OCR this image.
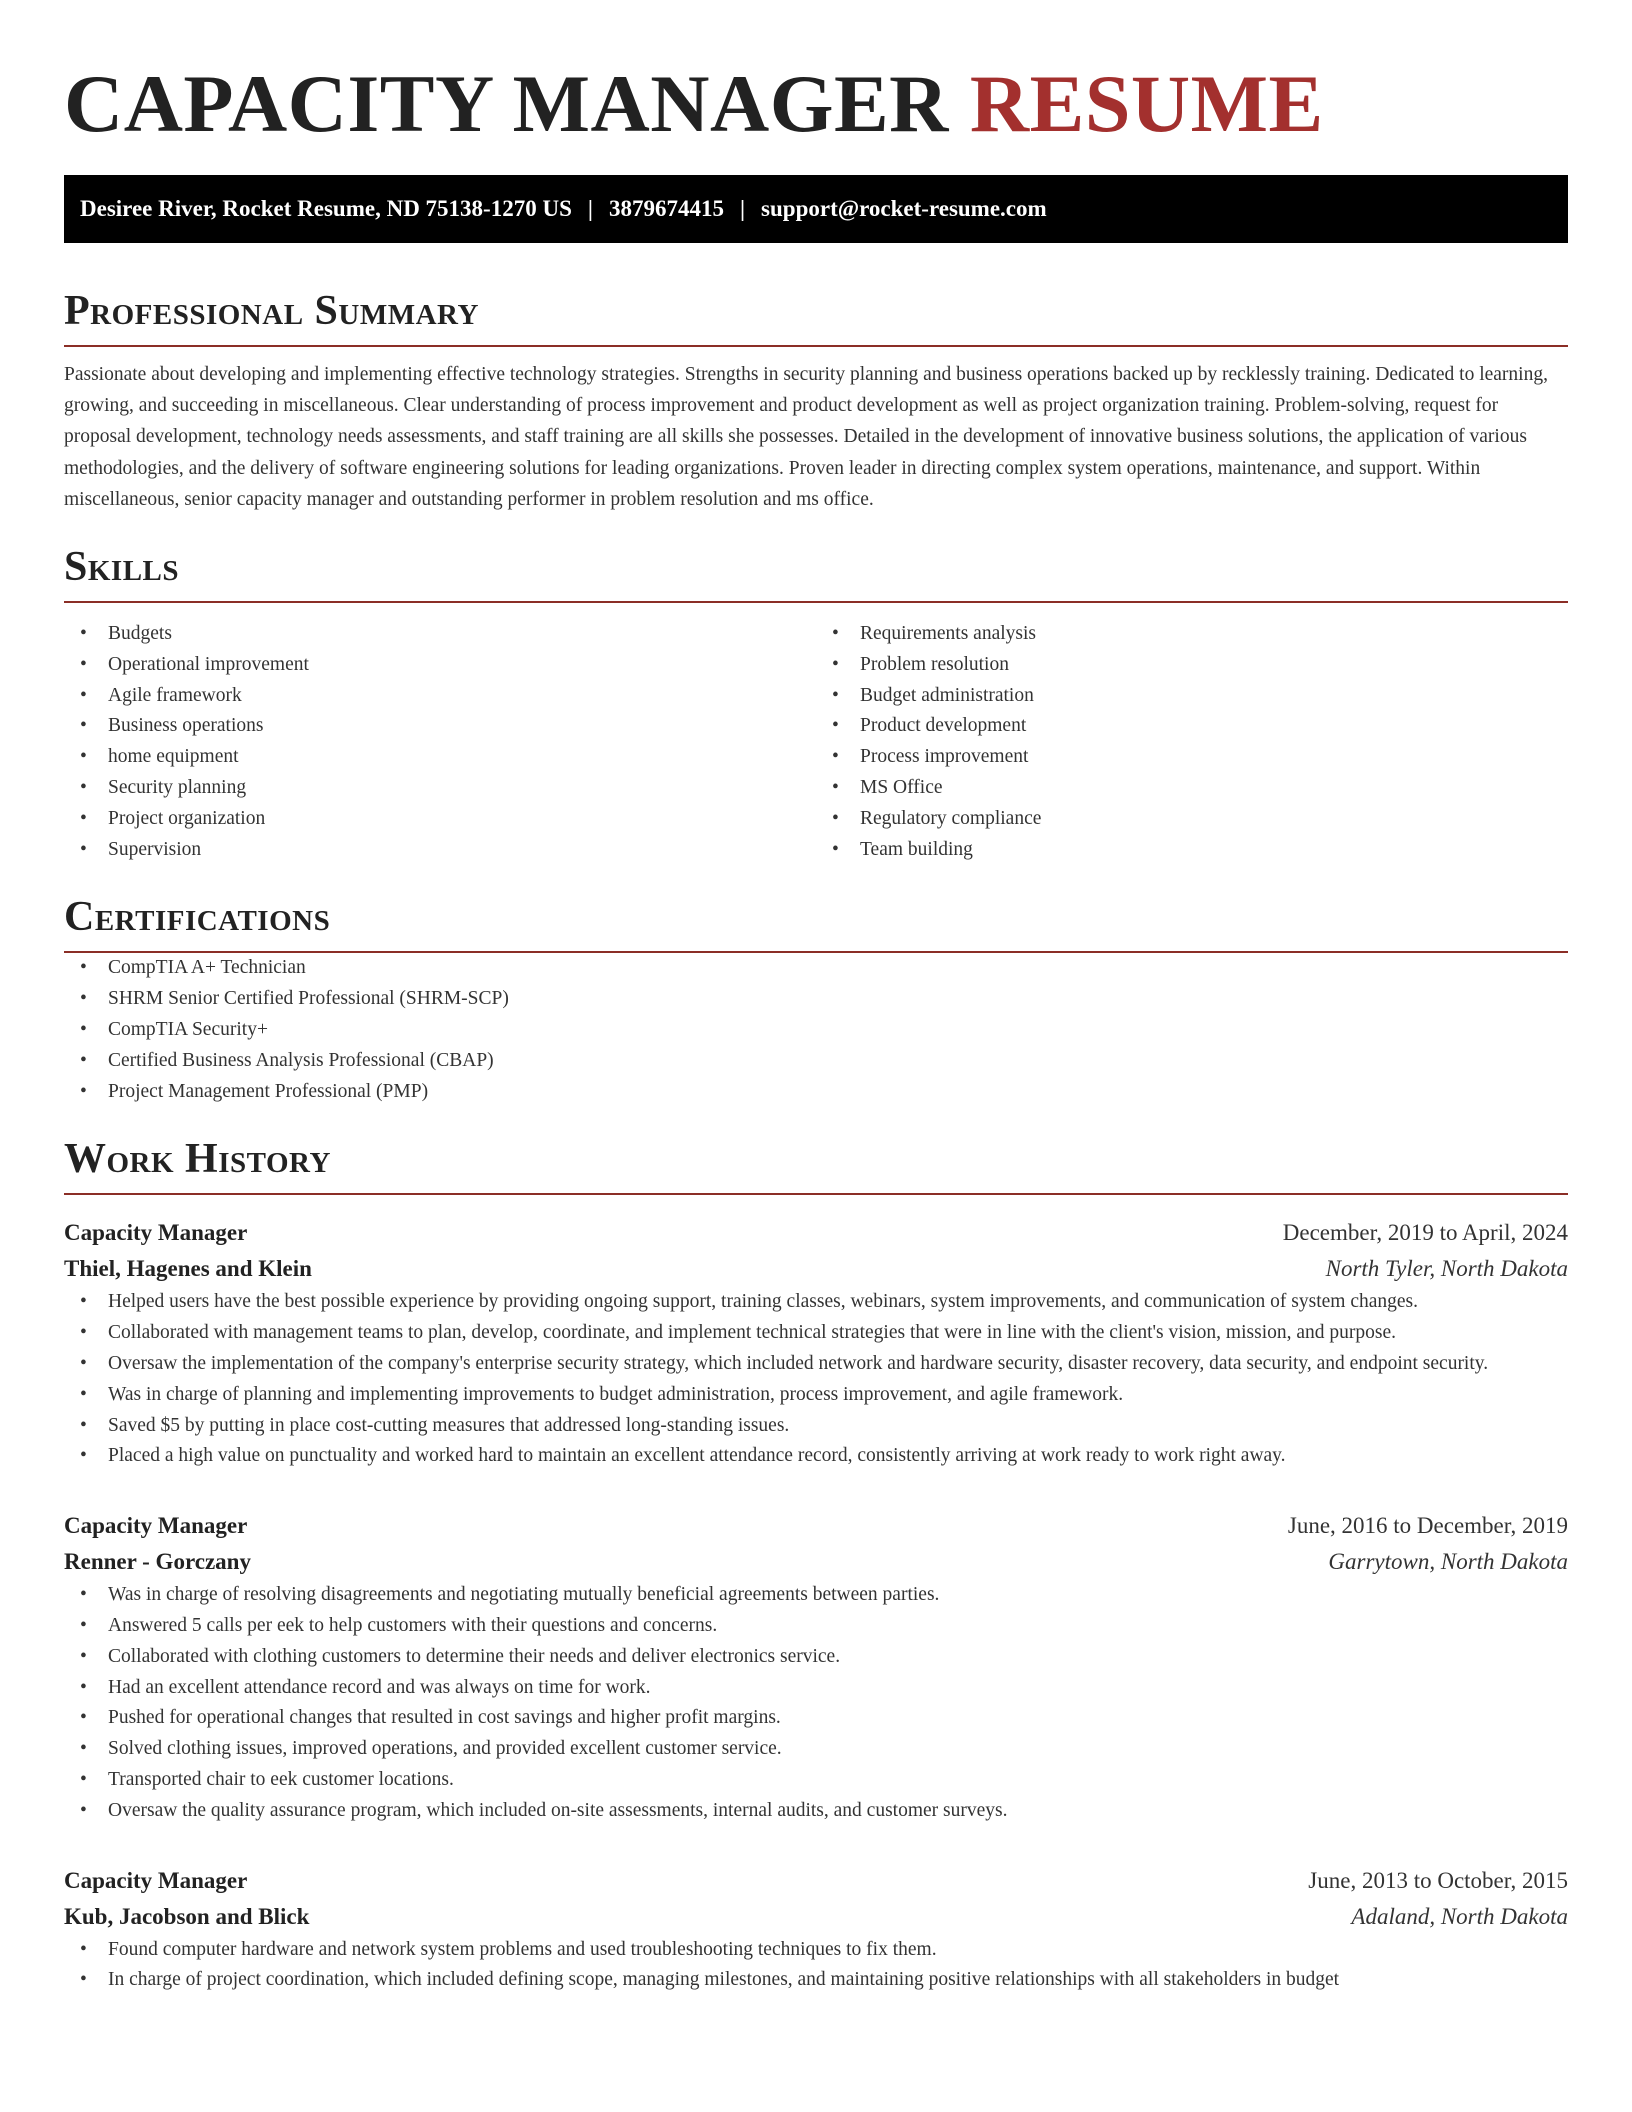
CAPACITY MANAGER RESUME
Desiree River, Rocket Resume, ND 75138-1270 US | 3879674415 | support@rocket-resume.com
Professional Summary

Passionate about developing and implementing effective technology strategies. Strengths in security planning and business operations backed up by recklessly training. Dedicated to learning, growing, and succeeding in miscellaneous. Clear understanding of process improvement and product development as well as project organization training. Problem-solving, request for proposal development, technology needs assessments, and staff training are all skills she possesses. Detailed in the development of innovative business solutions, the application of various methodologies, and the delivery of software engineering solutions for leading organizations. Proven leader in directing complex system operations, maintenance, and support. Within miscellaneous, senior capacity manager and outstanding performer in problem resolution and ms office.

Skills
• Budgets
• Operational improvement
• Agile framework
• Business operations
• home equipment
• Security planning
• Project organization
• Supervision
• Requirements analysis
• Problem resolution
• Budget administration
• Product development
• Process improvement
• MS Office
• Regulatory compliance
• Team building
Certifications
• CompTIA A+ Technician
• SHRM Senior Certified Professional (SHRM-SCP)
• CompTIA Security+
• Certified Business Analysis Professional (CBAP)
• Project Management Professional (PMP)
Work History
Capacity Manager	December, 2019 to April, 2024
Thiel, Hagenes and Klein	North Tyler, North Dakota
• Helped users have the best possible experience by providing ongoing support, training classes, webinars, system improvements, and communication of system changes.
• Collaborated with management teams to plan, develop, coordinate, and implement technical strategies that were in line with the client's vision, mission, and purpose.
• Oversaw the implementation of the company's enterprise security strategy, which included network and hardware security, disaster recovery, data security, and endpoint security.
• Was in charge of planning and implementing improvements to budget administration, process improvement, and agile framework.
• Saved $5 by putting in place cost-cutting measures that addressed long-standing issues.
• Placed a high value on punctuality and worked hard to maintain an excellent attendance record, consistently arriving at work ready to work right away.
Capacity Manager	June, 2016 to December, 2019
Renner - Gorczany	Garrytown, North Dakota
• Was in charge of resolving disagreements and negotiating mutually beneficial agreements between parties.
• Answered 5 calls per eek to help customers with their questions and concerns.
• Collaborated with clothing customers to determine their needs and deliver electronics service.
• Had an excellent attendance record and was always on time for work.
• Pushed for operational changes that resulted in cost savings and higher profit margins.
• Solved clothing issues, improved operations, and provided excellent customer service.
• Transported chair to eek customer locations.
• Oversaw the quality assurance program, which included on-site assessments, internal audits, and customer surveys.
Capacity Manager	June, 2013 to October, 2015
Kub, Jacobson and Blick	Adaland, North Dakota
• Found computer hardware and network system problems and used troubleshooting techniques to fix them.
• In charge of project coordination, which included defining scope, managing milestones, and maintaining positive relationships with all stakeholders in budget
